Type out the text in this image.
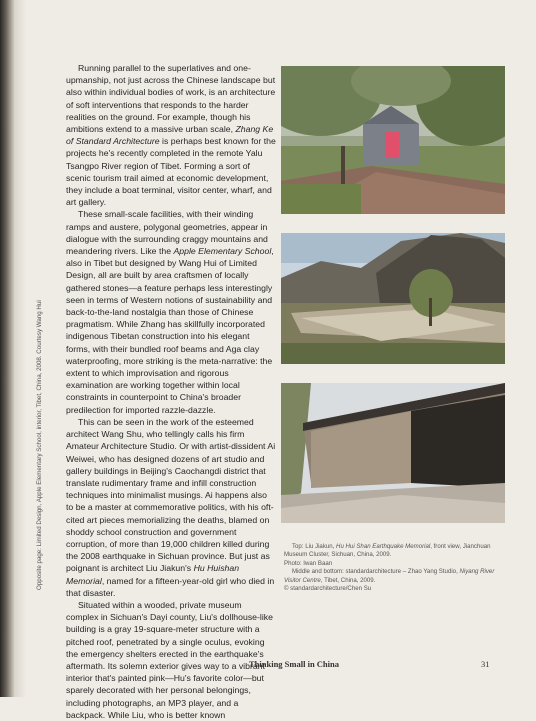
Opposite page: Limited Design, Apple Elementary School, interior, Tibet, China, 2008. Courtesy Wang Hui

Running parallel to the superlatives and one-upmanship, not just across the Chinese landscape but also within individual bodies of work, is an architecture of soft interventions that responds to the harder realities on the ground. For example, though his ambitions extend to a massive urban scale, Zhang Ke of Standard Architecture is perhaps best known for the projects he's recently completed in the remote Yalu Tsangpo River region of Tibet. Forming a sort of scenic tourism trail aimed at economic development, they include a boat terminal, visitor center, wharf, and art gallery.

These small-scale facilities, with their winding ramps and austere, polygonal geometries, appear in dialogue with the surrounding craggy mountains and meandering rivers. Like the Apple Elementary School, also in Tibet but designed by Wang Hui of Limited Design, all are built by area craftsmen of locally gathered stones—a feature perhaps less interestingly seen in terms of Western notions of sustainability and back-to-the-land nostalgia than those of Chinese pragmatism. While Zhang has skillfully incorporated indigenous Tibetan construction into his elegant forms, with their bundled roof beams and Aga clay waterproofing, more striking is the meta-narrative: the extent to which improvisation and rigorous examination are working together within local constraints in counterpoint to China's broader predilection for imported razzle-dazzle.

This can be seen in the work of the esteemed architect Wang Shu, who tellingly calls his firm Amateur Architecture Studio. Or with artist-dissident Ai Weiwei, who has designed dozens of art studio and gallery buildings in Beijing's Caochangdi district that translate rudimentary frame and infill construction techniques into minimalist musings. Ai happens also to be a master at commemorative politics, with his oft-cited art pieces memorializing the deaths, blamed on shoddy school construction and government corruption, of more than 19,000 children killed during the 2008 earthquake in Sichuan province. But just as poignant is architect Liu Jiakun's Hu Huishan Memorial, named for a fifteen-year-old girl who died in that disaster.

Situated within a wooded, private museum complex in Sichuan's Dayi county, Liu's dollhouse-like building is a gray 19-square-meter structure with a pitched roof, penetrated by a single oculus, evoking the emergency shelters erected in the earthquake's aftermath. Its solemn exterior gives way to a vibrant interior that's painted pink—Hu's favorite color—but sparely decorated with her personal belongings, including photographs, an MP3 player, and a backpack. While Liu, who is better known

Top: Liu Jiakun, Hu Hui Shan Earthquake Memorial, front view, Jianchuan Museum Cluster, Sichuan, China, 2009.
Photo: Iwan Baan
Middle and bottom: standardarchitecture – Zhao Yang Studio, Niyang River Visitor Centre, Tibet, China, 2009.
© standardarchitecture/Chen Su
Thinking Small in China	31
